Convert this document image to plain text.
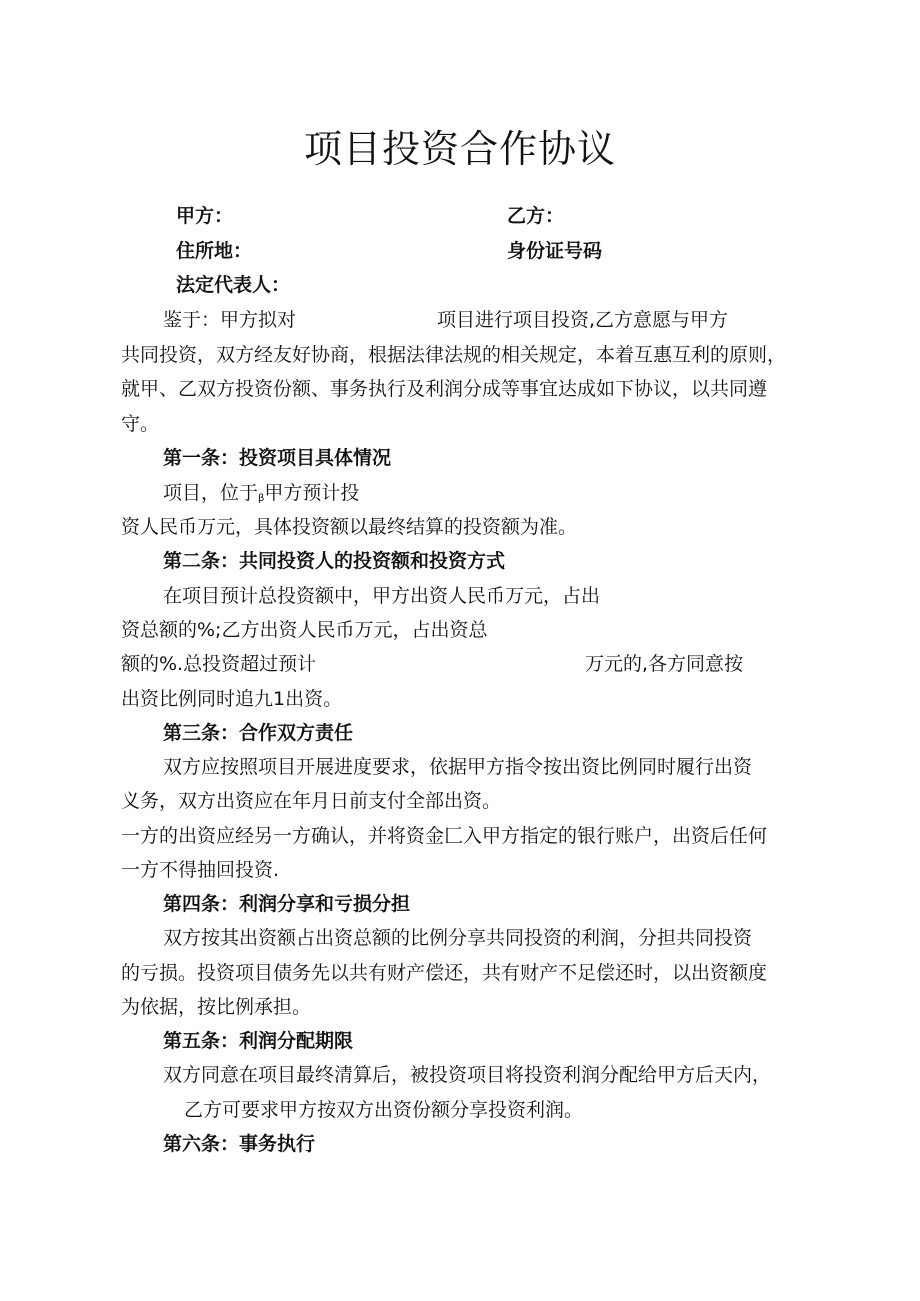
项目投资合作协议
甲方：	乙方：
住所地：	身份证号码
法定代表人：
鉴于：甲方拟对	项目进行项目投资,乙方意愿与甲方
共同投资，双方经友好协商，根据法律法规的相关规定，本着互惠互利的原则，
就甲、乙双方投资份额、事务执行及利润分成等事宜达成如下协议，以共同遵
守。
第一条：投资项目具体情况
项目，位于β甲方预计投
资人民币万元，具体投资额以最终结算的投资额为准。
第二条：共同投资人的投资额和投资方式
在项目预计总投资额中，甲方出资人民币万元，占出
资总额的%;乙方出资人民币万元，占出资总
额的%.总投资超过预计	万元的,各方同意按
出资比例同时追九1出资。
第三条：合作双方责任
双方应按照项目开展进度要求，依据甲方指令按出资比例同时履行出资
义务，双方出资应在年月日前支付全部出资。
一方的出资应经另一方确认，并将资金匚入甲方指定的银行账户，出资后任何
一方不得抽回投资.
第四条：利润分享和亏损分担
双方按其出资额占出资总额的比例分享共同投资的利润，分担共同投资
的亏损。投资项目债务先以共有财产偿还，共有财产不足偿还时，以出资额度
为依据，按比例承担。
第五条：利润分配期限
双方同意在项目最终清算后，被投资项目将投资利润分配给甲方后天内，
乙方可要求甲方按双方出资份额分享投资利润。
第六条：事务执行
